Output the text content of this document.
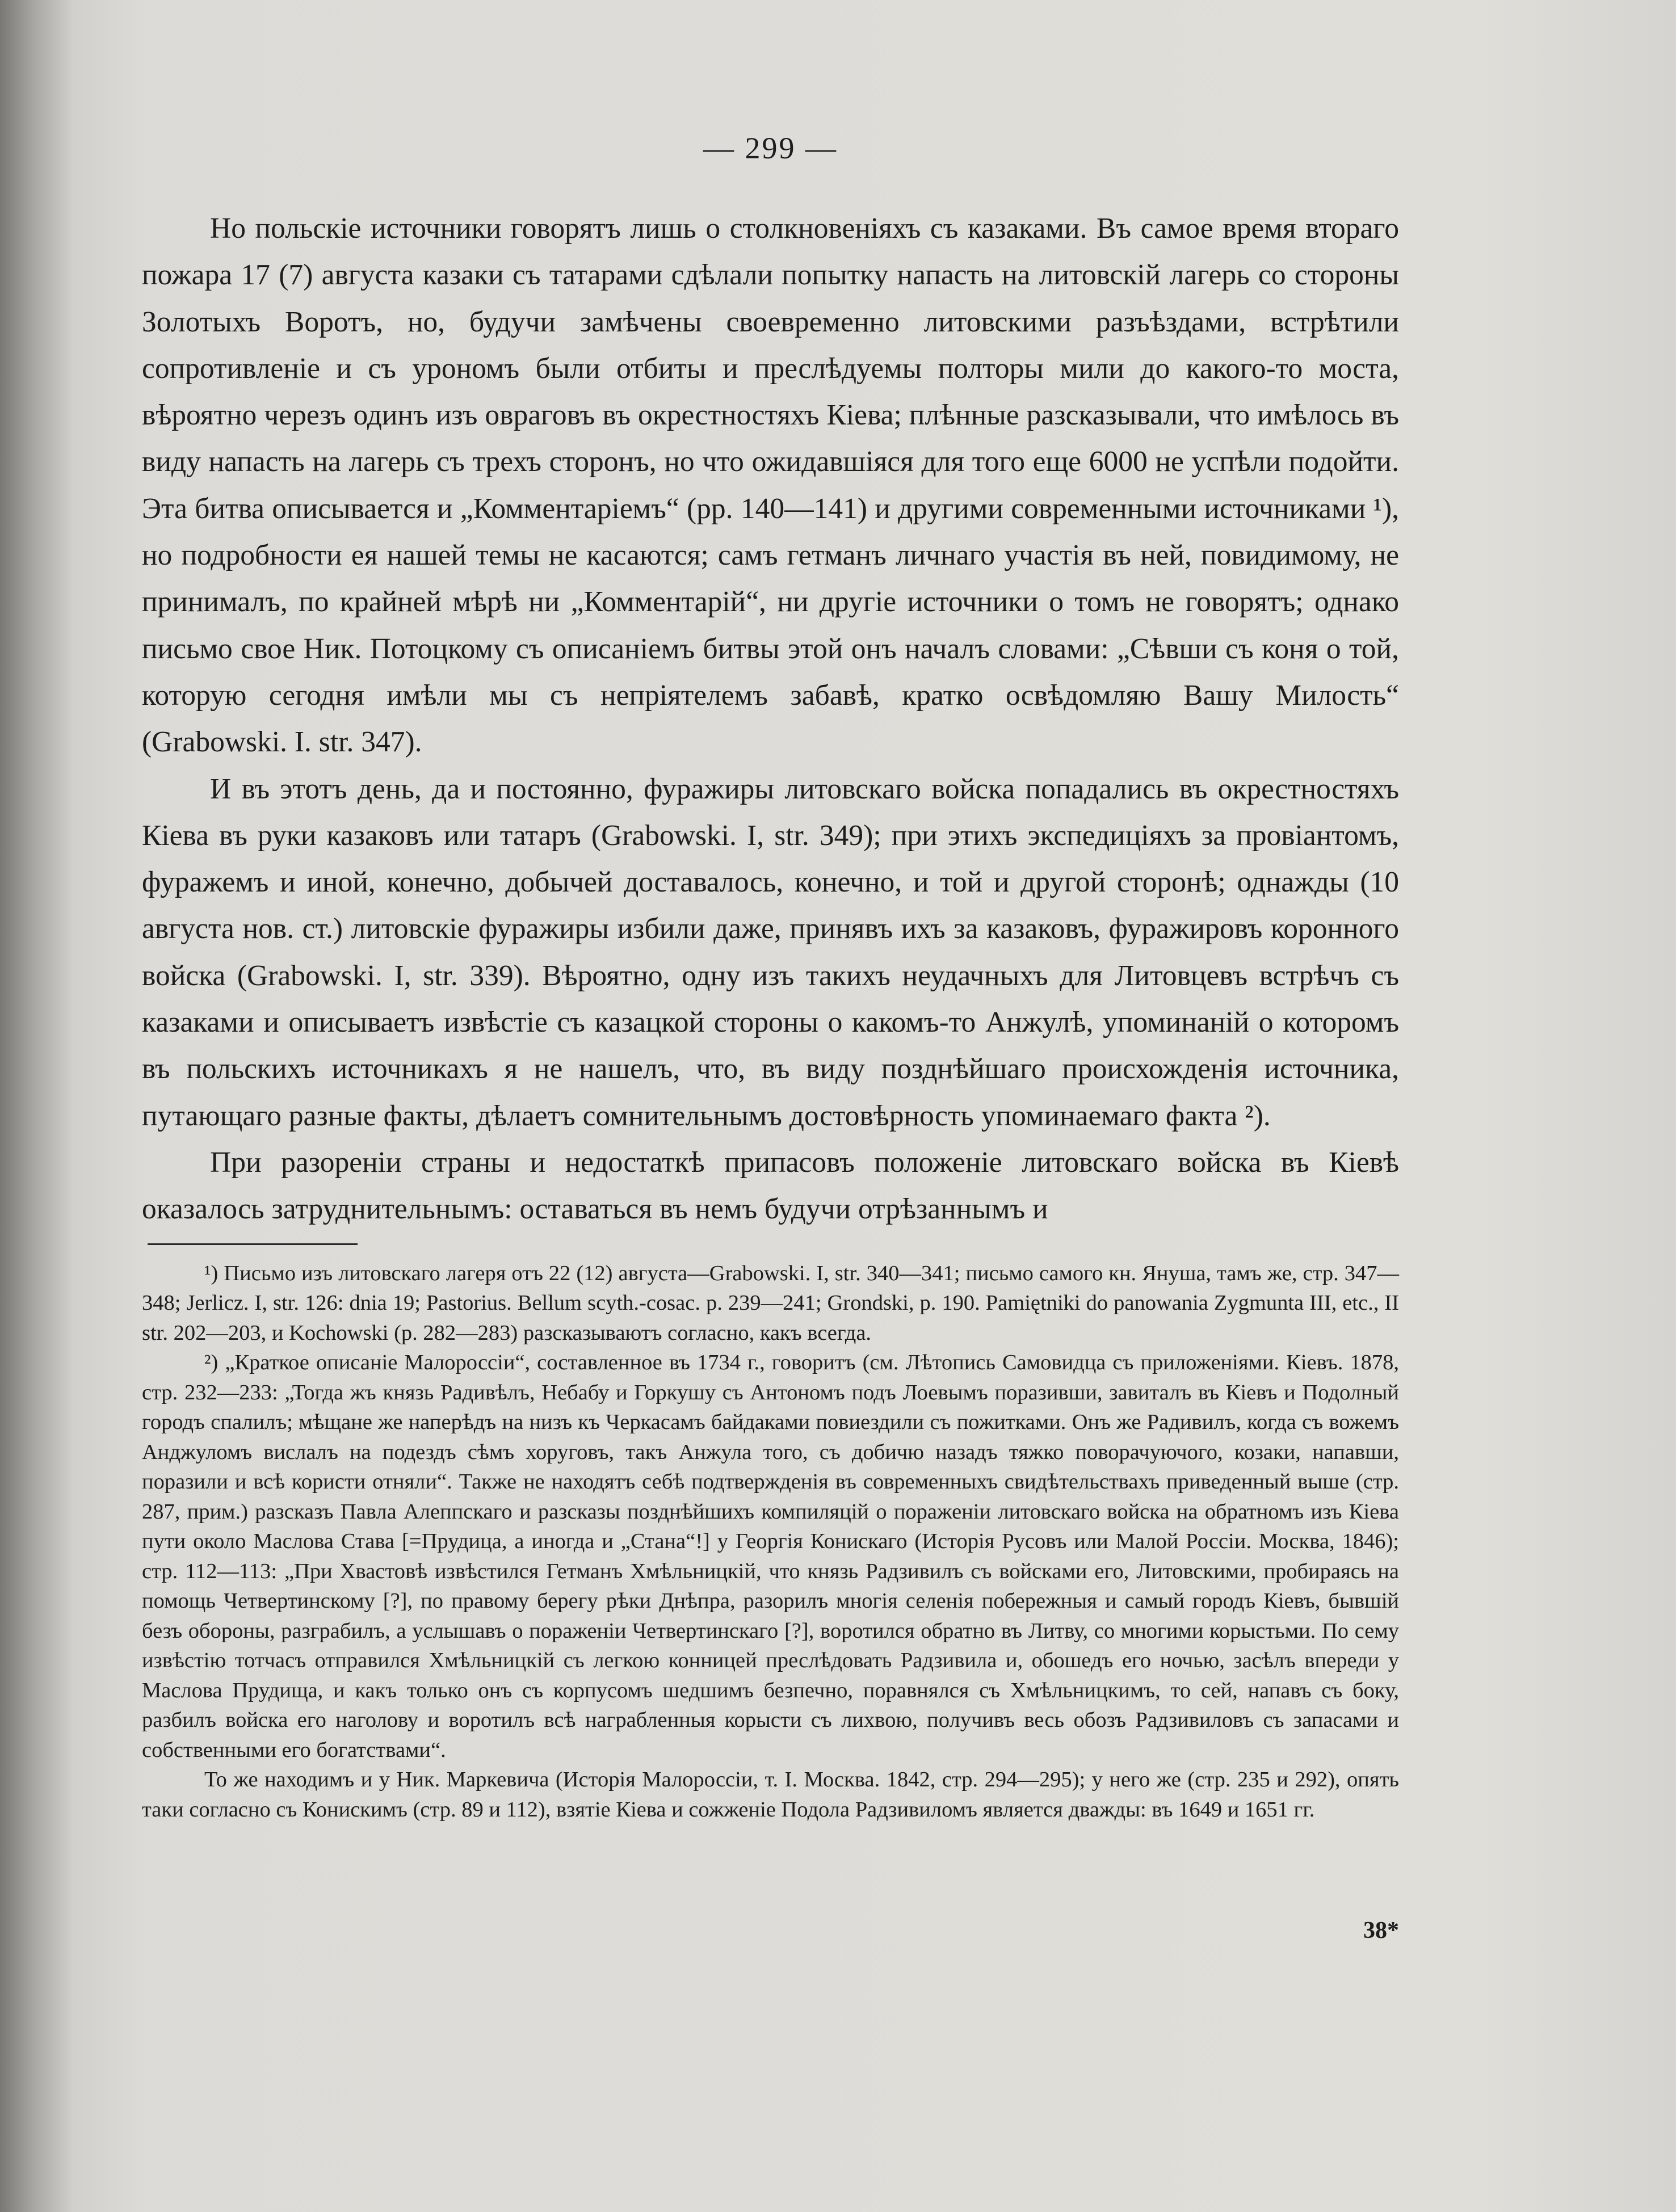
— 299 —

Но польскіе источники говорятъ лишь о столкновеніяхъ съ казаками. Въ самое время втораго пожара 17 (7) августа казаки съ татарами сдѣлали попытку напасть на литовскій лагерь со стороны Золотыхъ Воротъ, но, будучи замѣчены своевременно литовскими разъѣздами, встрѣтили сопротивленіе и съ урономъ были отбиты и преслѣдуемы полторы мили до какого-то моста, вѣроятно черезъ одинъ изъ овраговъ въ окрестностяхъ Кіева; плѣнные разсказывали, что имѣлось въ виду напасть на лагерь съ трехъ сторонъ, но что ожидавшіяся для того еще 6000 не успѣли подойти. Эта битва описывается и „Комментаріемъ“ (рр. 140—141) и другими современными источниками ¹), но подробности ея нашей темы не касаются; самъ гетманъ личнаго участія въ ней, повидимому, не принималъ, по крайней мѣрѣ ни „Комментарій“, ни другіе источники о томъ не говорятъ; однако письмо свое Ник. Потоцкому съ описаніемъ битвы этой онъ началъ словами: „Сѣвши съ коня о той, которую сегодня имѣли мы съ непріятелемъ забавѣ, кратко освѣдомляю Вашу Милость“ (Grabowski. I. str. 347).

И въ этотъ день, да и постоянно, фуражиры литовскаго войска попадались въ окрестностяхъ Кіева въ руки казаковъ или татаръ (Grabowski. I, str. 349); при этихъ экспедиціяхъ за провіантомъ, фуражемъ и иной, конечно, добычей доставалось, конечно, и той и другой сторонѣ; однажды (10 августа нов. ст.) литовскіе фуражиры избили даже, принявъ ихъ за казаковъ, фуражировъ коронного войска (Grabowski. I, str. 339). Вѣроятно, одну изъ такихъ неудачныхъ для Литовцевъ встрѣчъ съ казаками и описываетъ извѣстіе съ казацкой стороны о какомъ-то Анжулѣ, упоминаній о которомъ въ польскихъ источникахъ я не нашелъ, что, въ виду позднѣйшаго происхожденія источника, путающаго разные факты, дѣлаетъ сомнительнымъ достовѣрность упоминаемаго факта ²).

При разореніи страны и недостаткѣ припасовъ положеніе литовскаго войска въ Кіевѣ оказалось затруднительнымъ: оставаться въ немъ будучи отрѣзаннымъ и

¹) Письмо изъ литовскаго лагеря отъ 22 (12) августа—Grabowski. I, str. 340—341; письмо самого кн. Януша, тамъ же, стр. 347—348; Jerlicz. I, str. 126: dnia 19; Pastorius. Bellum scyth.-cosac. p. 239—241; Grondski, p. 190. Pamiętniki do panowania Zygmunta III, etc., II str. 202—203, и Kochowski (p. 282—283) разсказываютъ согласно, какъ всегда.

²) „Краткое описаніе Малороссіи“, составленное въ 1734 г., говоритъ (см. Лѣтопись Самовидца съ приложеніями. Кіевъ. 1878, стр. 232—233: „Тогда жъ князь Радивѣлъ, Небабу и Горкушу съ Антономъ подъ Лоевымъ поразивши, завиталъ въ Кіевъ и Подолный городъ спалилъ; мѣщане же наперѣдъ на низъ къ Черкасамъ байдаками повиездили съ пожитками. Онъ же Радивилъ, когда съ вожемъ Анджуломъ вислалъ на подездъ сѣмъ хоруговъ, такъ Анжула того, съ добичю назадъ тяжко поворачуючого, козаки, напавши, поразили и всѣ користи отняли“. Также не находятъ себѣ подтвержденія въ современныхъ свидѣтельствахъ приведенный выше (стр. 287, прим.) разсказъ Павла Алеппскаго и разсказы позднѣйшихъ компиляцій о пораженіи литовскаго войска на обратномъ изъ Кіева пути около Маслова Става [=Прудица, а иногда и „Стана“!] у Георгія Конискаго (Исторія Русовъ или Малой Россіи. Москва, 1846); стр. 112—113: „При Хвастовѣ извѣстился Гетманъ Хмѣльницкій, что князь Радзивилъ съ войсками его, Литовскими, пробираясь на помощь Четвертинскому [?], по правому берегу рѣки Днѣпра, разорилъ многія селенія побережныя и самый городъ Кіевъ, бывшій безъ обороны, разграбилъ, а услышавъ о пораженіи Четвертинскаго [?], воротился обратно въ Литву, со многими корыстьми. По сему извѣстію тотчасъ отправился Хмѣльницкій съ легкою конницей преслѣдовать Радзивила и, обошедъ его ночью, засѣлъ впереди у Маслова Прудища, и какъ только онъ съ корпусомъ шедшимъ безпечно, поравнялся съ Хмѣльницкимъ, то сей, напавъ съ боку, разбилъ войска его наголову и воротилъ всѣ награбленныя корысти съ лихвою, получивъ весь обозъ Радзивиловъ съ запасами и собственными его богатствами“.

То же находимъ и у Ник. Маркевича (Исторія Малороссіи, т. I. Москва. 1842, стр. 294—295); у него же (стр. 235 и 292), опять таки согласно съ Конискимъ (стр. 89 и 112), взятіе Кіева и сожженіе Подола Радзивиломъ является дважды: въ 1649 и 1651 гг.

38*
